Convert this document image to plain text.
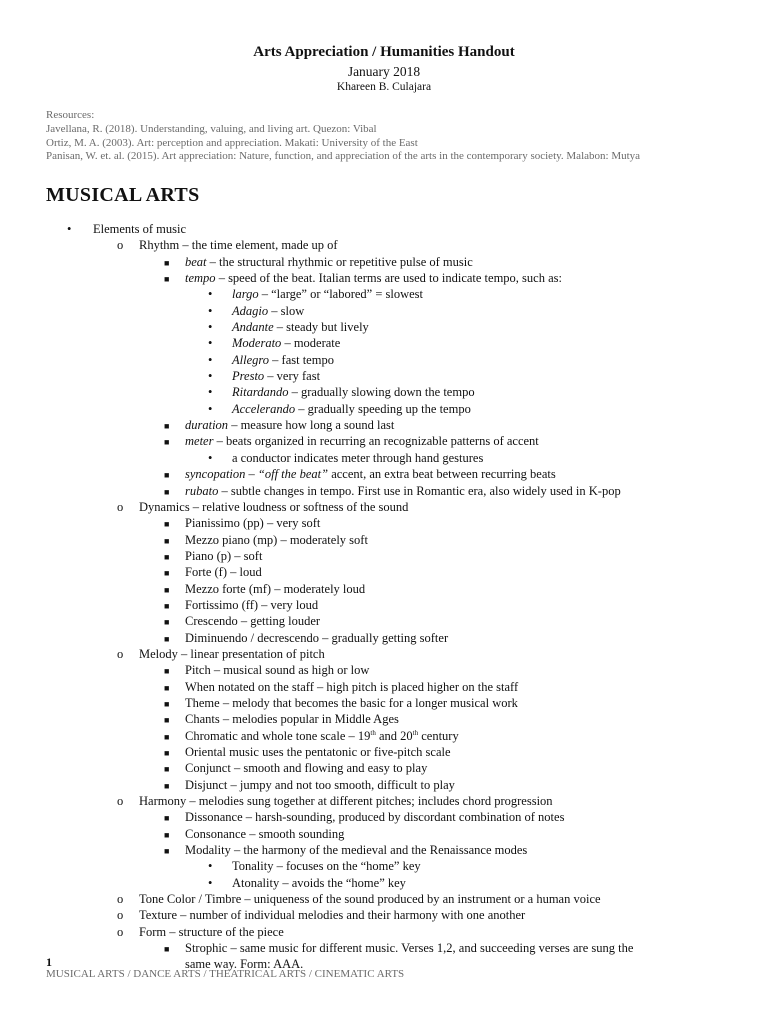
Arts Appreciation / Humanities Handout
January 2018
Khareen B. Culajara
Resources:
Javellana, R. (2018). Understanding, valuing, and living art. Quezon: Vibal
Ortiz, M. A. (2003). Art: perception and appreciation. Makati: University of the East
Panisan, W. et. al. (2015). Art appreciation: Nature, function, and appreciation of the arts in the contemporary society. Malabon: Mutya
MUSICAL ARTS
• Elements of music
o Rhythm – the time element, made up of
■ beat – the structural rhythmic or repetitive pulse of music
■ tempo – speed of the beat. Italian terms are used to indicate tempo, such as:
• largo – “large” or “labored” = slowest
• Adagio – slow
• Andante – steady but lively
• Moderato – moderate
• Allegro – fast tempo
• Presto – very fast
• Ritardando – gradually slowing down the tempo
• Accelerando – gradually speeding up the tempo
■ duration – measure how long a sound last
■ meter – beats organized in recurring an recognizable patterns of accent
• a conductor indicates meter through hand gestures
■ syncopation – “off the beat” accent, an extra beat between recurring beats
■ rubato – subtle changes in tempo. First use in Romantic era, also widely used in K-pop
o Dynamics – relative loudness or softness of the sound
■ Pianissimo (pp) – very soft
■ Mezzo piano (mp) – moderately soft
■ Piano (p) – soft
■ Forte (f) – loud
■ Mezzo forte (mf) – moderately loud
■ Fortissimo (ff) – very loud
■ Crescendo – getting louder
■ Diminuendo / decrescendo – gradually getting softer
o Melody – linear presentation of pitch
■ Pitch – musical sound as high or low
■ When notated on the staff – high pitch is placed higher on the staff
■ Theme – melody that becomes the basic for a longer musical work
■ Chants – melodies popular in Middle Ages
■ Chromatic and whole tone scale – 19th and 20th century
■ Oriental music uses the pentatonic or five-pitch scale
■ Conjunct – smooth and flowing and easy to play
■ Disjunct – jumpy and not too smooth, difficult to play
o Harmony – melodies sung together at different pitches; includes chord progression
■ Dissonance – harsh-sounding, produced by discordant combination of notes
■ Consonance – smooth sounding
■ Modality – the harmony of the medieval and the Renaissance modes
• Tonality – focuses on the “home” key
• Atonality – avoids the “home” key
o Tone Color / Timbre – uniqueness of the sound produced by an instrument or a human voice
o Texture – number of individual melodies and their harmony with one another
o Form – structure of the piece
■ Strophic – same music for different music. Verses 1,2, and succeeding verses are sung the
same way. Form: AAA.
1
MUSICAL ARTS / DANCE ARTS / THEATRICAL ARTS / CINEMATIC ARTS
